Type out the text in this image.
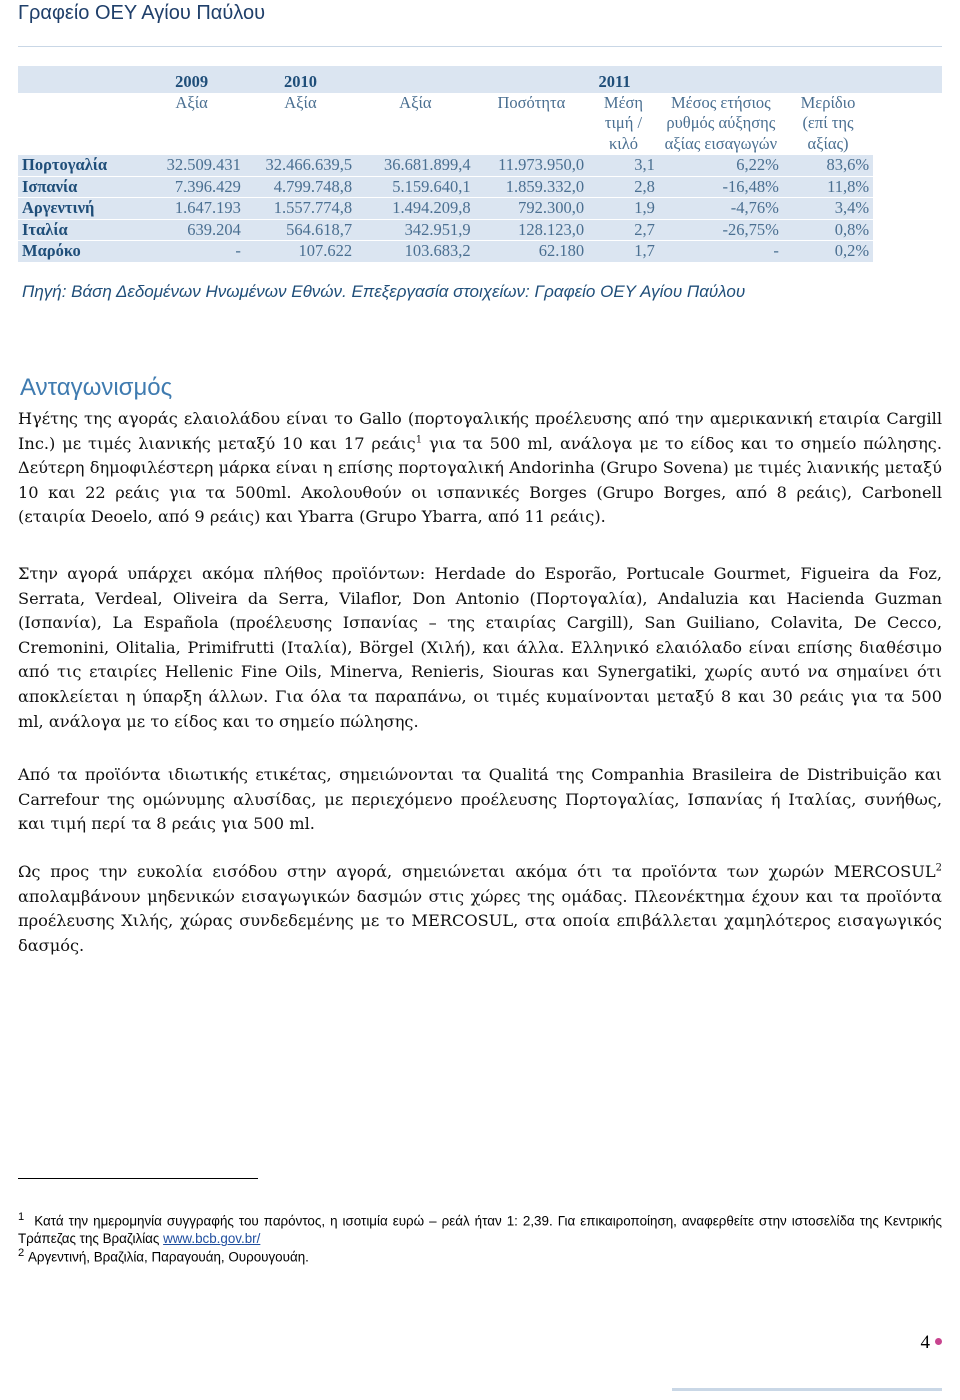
Γραφείο ΟΕΥ Αγίου Παύλου
	2009	2010	2011					
	Αξία	Αξία	Αξία	Ποσότητα	Μέση τιμή / κιλό	Μέσος ετήσιος ρυθμός αύξησης αξίας εισαγωγών	Μερίδιο (επί της αξίας)	
Πορτογαλία	32.509.431	32.466.639,5	36.681.899,4	11.973.950,0	3,1	6,22%	83,6%	
Ισπανία	7.396.429	4.799.748,8	5.159.640,1	1.859.332,0	2,8	-16,48%	11,8%	
Αργεντινή	1.647.193	1.557.774,8	1.494.209,8	792.300,0	1,9	-4,76%	3,4%	
Ιταλία	639.204	564.618,7	342.951,9	128.123,0	2,7	-26,75%	0,8%	
Μαρόκο	-	107.622	103.683,2	62.180	1,7	-	0,2%	
Πηγή: Βάση Δεδομένων Ηνωμένων Εθνών. Επεξεργασία στοιχείων: Γραφείο ΟΕΥ Αγίου Παύλου
Ανταγωνισμός
Ηγέτης της αγοράς ελαιολάδου είναι το Gallo (πορτογαλικής προέλευσης από την αμερικανική εταιρία Cargill Inc.) με τιμές λιανικής μεταξύ 10 και 17 ρεάις$^1$ για τα 500 ml, ανάλογα με το είδος και το σημείο πώλησης. Δεύτερη δημοφιλέστερη μάρκα είναι η επίσης πορτογαλική Andorinha (Grupo Sovena) με τιμές λιανικής μεταξύ 10 και 22 ρεάις για τα 500ml. Ακολουθούν οι ισπανικές Borges (Grupo Borges, από 8 ρεάις), Carbonell (εταιρία Deoelo, από 9 ρεάις) και Ybarra (Grupo Ybarra, από 11 ρεάις).
Στην αγορά υπάρχει ακόμα πλήθος προϊόντων: Herdade do Esporão, Portucale Gourmet, Figueira da Foz, Serrata, Verdeal, Oliveira da Serra, Vilaflor, Don Antonio (Πορτογαλία), Andaluzia και Hacienda Guzman (Ισπανία), La Española (προέλευσης Ισπανίας – της εταιρίας Cargill), San Guiliano, Colavita, De Cecco, Cremonini, Olitalia, Primifrutti (Ιταλία), Börgel (Χιλή), και άλλα. Ελληνικό ελαιόλαδο είναι επίσης διαθέσιμο από τις εταιρίες Hellenic Fine Oils, Minerva, Renieris, Siouras και Synergatiki, χωρίς αυτό να σημαίνει ότι αποκλείεται η ύπαρξη άλλων. Για όλα τα παραπάνω, οι τιμές κυμαίνονται μεταξύ 8 και 30 ρεάις για τα 500 ml, ανάλογα με το είδος και το σημείο πώλησης.
Από τα προϊόντα ιδιωτικής ετικέτας, σημειώνονται τα Qualitá της Companhia Brasileira de Distribuição και Carrefour της ομώνυμης αλυσίδας, με περιεχόμενο προέλευσης Πορτογαλίας, Ισπανίας ή Ιταλίας, συνήθως, και τιμή περί τα 8 ρεάις για 500 ml.
Ως προς την ευκολία εισόδου στην αγορά, σημειώνεται ακόμα ότι τα προϊόντα των χωρών MERCOSUL$^2$ απολαμβάνουν μηδενικών εισαγωγικών δασμών στις χώρες της ομάδας. Πλεονέκτημα έχουν και τα προϊόντα προέλευσης Χιλής, χώρας συνδεδεμένης με το MERCOSUL, στα οποία επιβάλλεται χαμηλότερος εισαγωγικός δασμός.
$^1$ Κατά την ημερομηνία συγγραφής του παρόντος, η ισοτιμία ευρώ – ρεάλ ήταν 1: 2,39. Για επικαιροποίηση, αναφερθείτε στην ιστοσελίδα της Κεντρικής Τράπεζας της Βραζιλίας www.bcb.gov.br/
$^2$ Αργεντινή, Βραζιλία, Παραγουάη, Ουρουγουάη.
4
